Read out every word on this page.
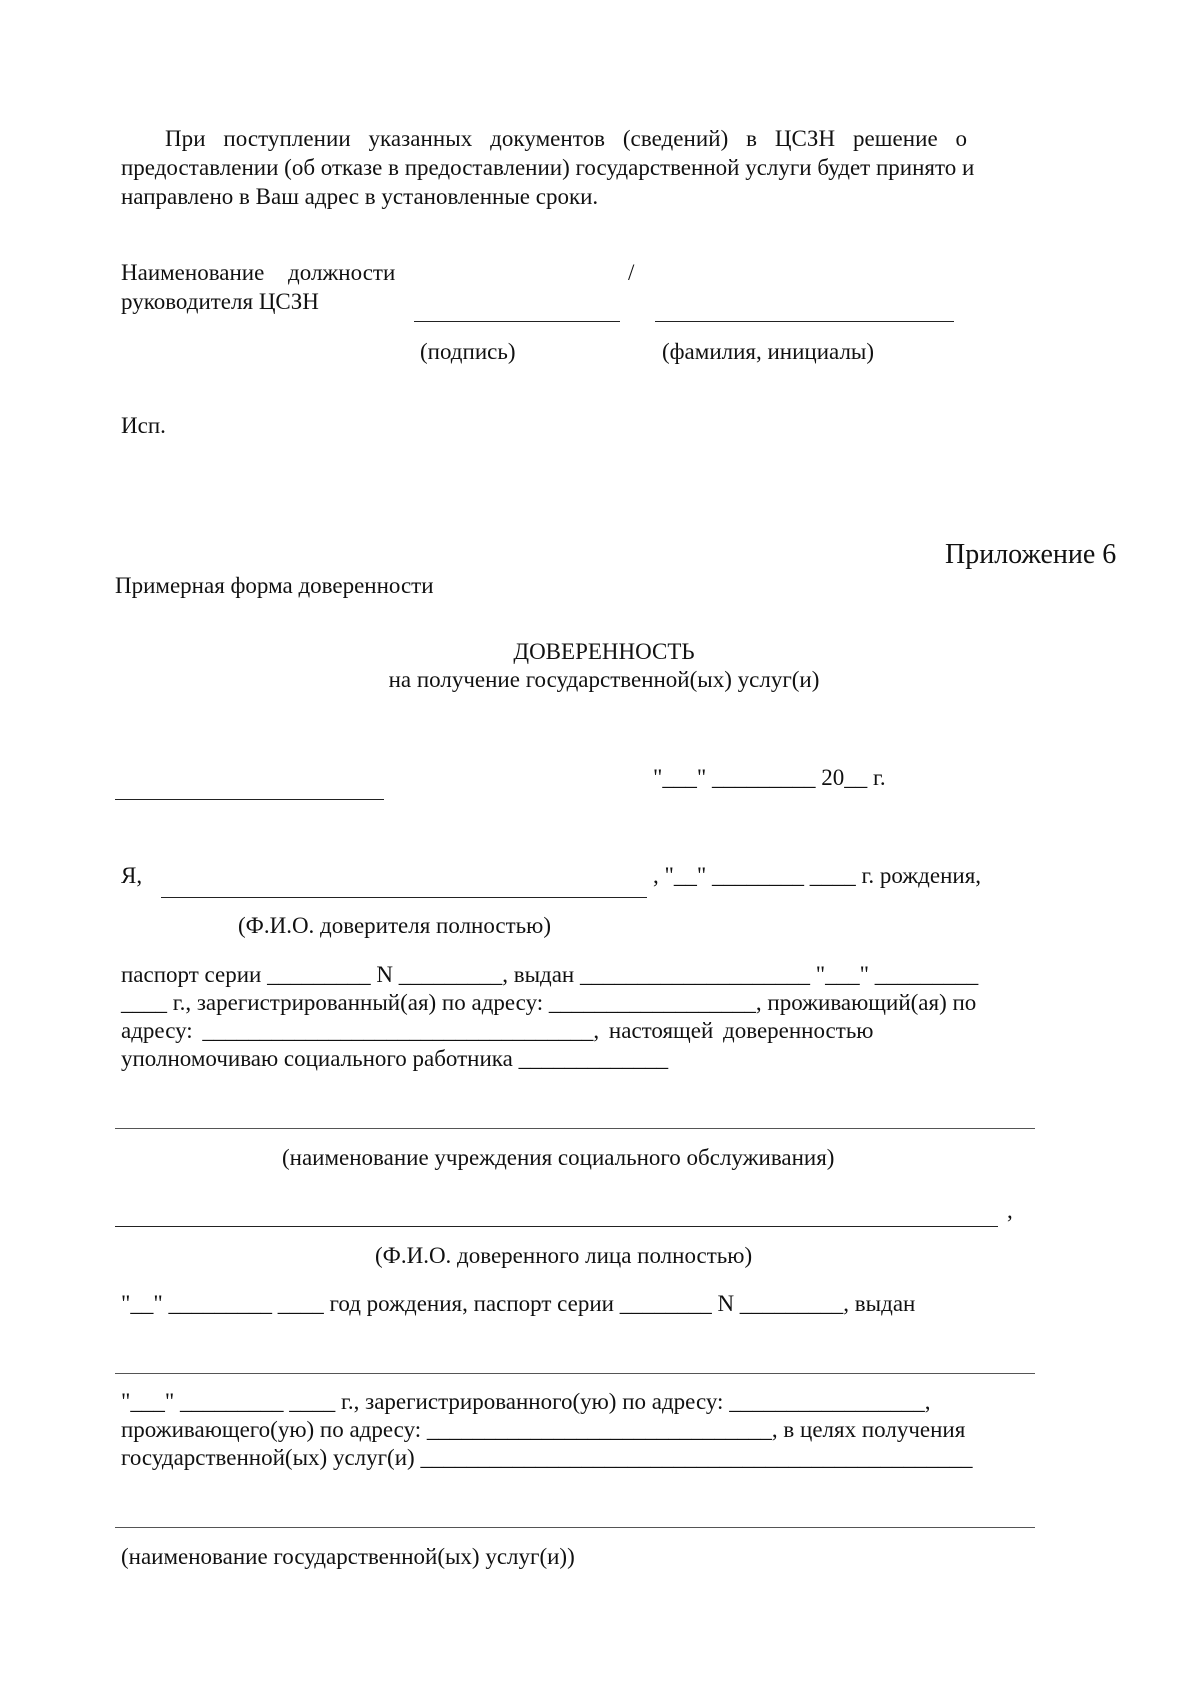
При поступлении указанных документов (сведений) в ЦСЗН решение о
предоставлении (об отказе в предоставлении) государственной услуги будет принято и
направлено в Ваш адрес в установленные сроки.
Наименование должности
руководителя ЦСЗН
/
(подпись)	(фамилия, инициалы)
Исп.
Приложение 6
Примерная форма доверенности
ДОВЕРЕННОСТЬ
на получение государственной(ых) услуг(и)
"___" _________ 20__ г.
Я,	, "__" ________ ____ г. рождения,
(Ф.И.О. доверителя полностью)
паспорт серии _________ N _________, выдан ____________________ "___" _________
____ г., зарегистрированный(ая) по адресу: __________________, проживающий(ая) по
адресу: __________________________________, настоящей доверенностью
уполномочиваю социального работника _____________
(наименование учреждения социального обслуживания)
,
(Ф.И.О. доверенного лица полностью)
"__" _________ ____ год рождения, паспорт серии ________ N _________, выдан
"___" _________ ____ г., зарегистрированного(ую) по адресу: _________________,
проживающего(ую) по адресу: ______________________________, в целях получения
государственной(ых) услуг(и) ________________________________________________
(наименование государственной(ых) услуг(и))
